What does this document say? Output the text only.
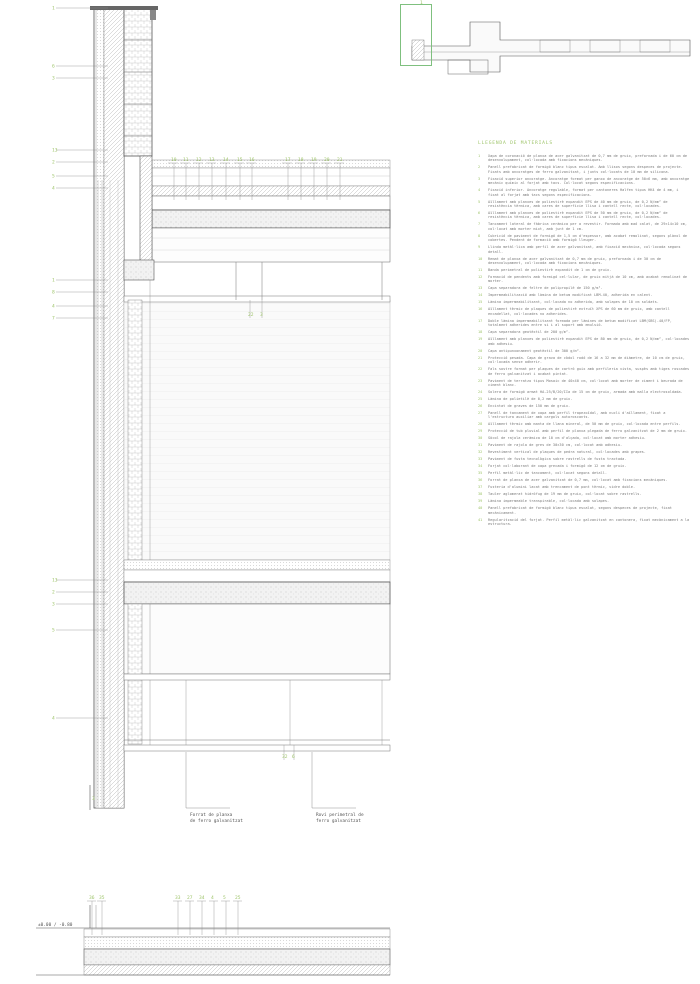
1
6
3
13
2
5
4
1
8
4
7
13
2
3
5
4
10 11 12 13 14 15 16	17 18 19 20 21
22 3
32 6
36 35	33 27 34 4 5 25
Forrat de planxa de ferro galvanitzat
Roví perimetral de ferro galvanitzat
±0.00 / -0.80
1
3
LLEGENDA DE MATERIALS
1	Xapa de coronació de planxa de acer galvanitzat de 0,7 mm de gruix, prefornada i de 60 cm de desenvolupament, col·locada amb fixacions mecàniques.
2	Panell prefabricat de formigó blanc tipus escalat. Amb llisos segons despeces de projecte. Fixats amb ancoratges de ferro galvanitzat, i junts col·locats de 10 mm de silicona.
3	Fixació superior ancoratge. Ancoratge format per ganxo de ancoratge de 50×6 mm, amb ancoratge mecànic químic al forjat amb tacs. Col·locat segons especificacions.
4	Fixació inferior. Ancoratge regulable, format per cantoneres Halfen tipus HK4 de 4 mm, i fixat al forjat amb tacs segons especificacions.
5	Aïllament amb planxes de poliestirè expandit EPS de 40 mm de gruix, de 0,2 N/mm² de resistència tèrmica, amb cares de superfície llisa i cantell recte, col·locades.
6	Aïllament amb planxes de poliestirè expandit EPS de 50 mm de gruix, de 0,2 N/mm² de resistència tèrmica, amb cares de superfície llisa i cantell recte, col·locades.
7	Tancament lateral de fàbrica ceràmica per a revestir. Formada amb maó calat, de 29×14×10 cm, col·locat amb morter mixt, amb junt de 1 cm.
8	Cubrició de paviment de formigó de 1,5 cm d'espessor, amb acabat remolinat, segons plànol de cobertes. Pendent de formació amb formigó lleuger.
9	Llinda metàl·lica amb perfil de acer galvanitzat, amb fixació mecànica, col·locada segons detall.
10	Remat de planxa de acer galvanitzat de 0,7 mm de gruix, prefornada i de 30 cm de desenvolupament, col·locada amb fixacions mecàniques.
11	Banda perimetral de poliestirè expandit de 1 cm de gruix.
12	Formació de pendents amb formigó cel·lular, de gruix mitjà de 10 cm, amb acabat remolinat de morter.
13	Capa separadora de feltre de polipropilè de 150 g/m².
14	Impermeabilització amb làmina de betum modificat LBM-40, adherida en calent.
15	Làmina impermeabilitzant, col·locada no adherida, amb solapes de 10 cm soldats.
16	Aïllament tèrmic de plaques de poliestirè extruït XPS de 60 mm de gruix, amb cantell encadellat, col·locades no adherides.
17	Doble làmina impermeabilitzant formada per làmines de betum modificat LBM(SBS)-40/FP, totalment adherides entre si i al suport amb emulsió.
18	Capa separadora geotèxtil de 200 g/m².
19	Aïllament amb planxes de poliestirè expandit EPS de 80 mm de gruix, de 0,2 N/mm², col·locades amb adhesiu.
20	Capa antipunxonament geotèxtil de 300 g/m².
21	Protecció pesada. Capa de grava de còdol rodó de 16 a 32 mm de diàmetre, de 10 cm de gruix, col·locada sense adherir.
22	Fals sostre format per plaques de cartró guix amb perfileria vista, suspès amb tiges roscades de ferro galvanitzat i acabat pintat.
23	Paviment de terratzo tipus Mosaic de 40×40 cm, col·locat amb morter de ciment i beurada de ciment blanc.
24	Solera de formigó armat HA-25/B/20/IIa de 15 cm de gruix, armada amb malla electrosoldada.
25	Làmina de polietilè de 0,2 mm de gruix.
26	Encintat de graves de 150 mm de gruix.
27	Panell de tancament de xapa amb perfil trapezoïdal, amb nucli d'aïllament, fixat a l'estructura auxiliar amb cargols autoroscants.
28	Aïllament tèrmic amb manta de llana mineral, de 50 mm de gruix, col·locada entre perfils.
29	Protecció de tub pluvial amb perfil de planxa plegada de ferro galvanitzat de 2 mm de gruix.
30	Sòcol de rajola ceràmica de 10 cm d'alçada, col·locat amb morter adhesiu.
31	Paviment de rajola de gres de 30×30 cm, col·locat amb adhesiu.
32	Revestiment vertical de plaques de pedra natural, col·locades amb grapes.
33	Paviment de fusta tecnològica sobre rastrells de fusta tractada.
34	Forjat col·laborant de xapa grecada i formigó de 12 cm de gruix.
35	Perfil metàl·lic de tancament, col·locat segons detall.
36	Forrat de planxa de acer galvanitzat de 0,7 mm, col·locat amb fixacions mecàniques.
37	Fusteria d'alumini lacat amb trencament de pont tèrmic, vidre doble.
38	Tauler aglomerat hidròfug de 19 mm de gruix, col·locat sobre rastrells.
39	Làmina impermeable transpirable, col·locada amb solapes.
40	Panell prefabricat de formigó blanc tipus escalat, segons despeces de projecte, fixat mecànicament.
41	Regularització del forjat. Perfil metàl·lic galvanitzat en cantonera, fixat mecànicament a la estructura.
